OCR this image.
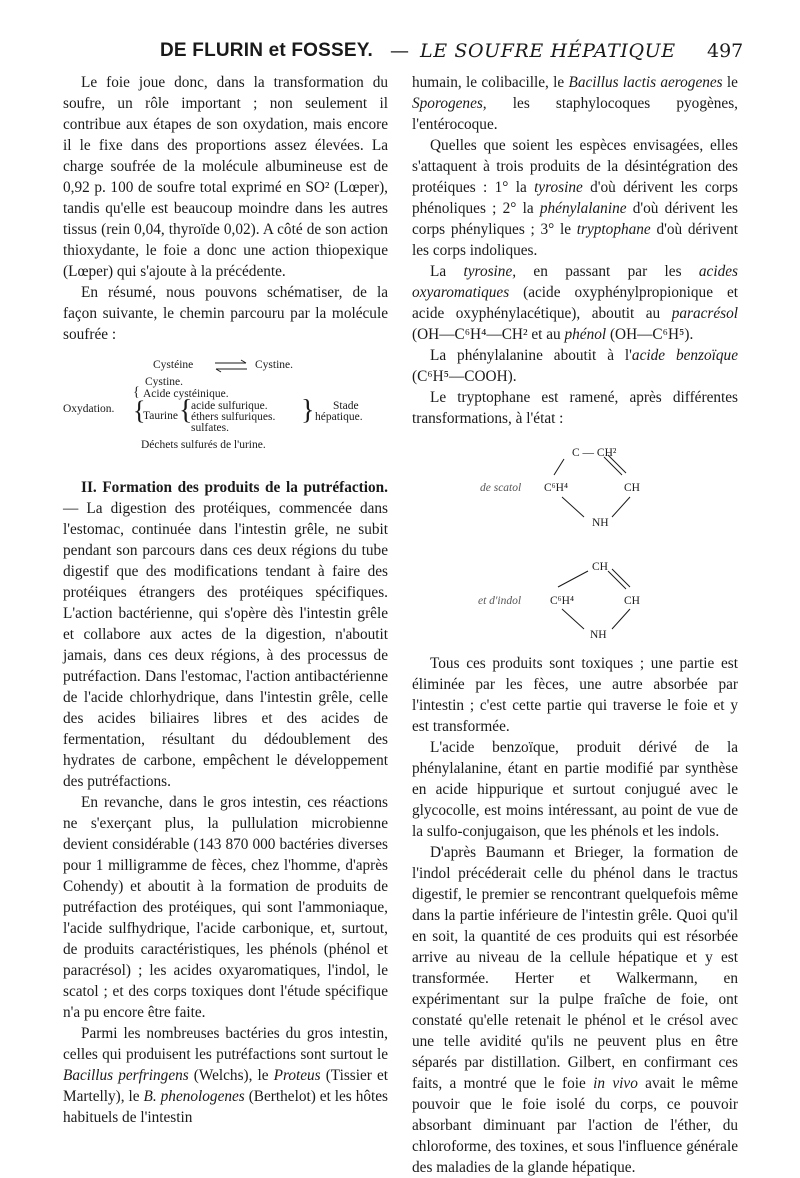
DE FLURIN et FOSSEY. — LE SOUFRE HÉPATIQUE 497

Le foie joue donc, dans la transformation du soufre, un rôle important ; non seulement il contribue aux étapes de son oxydation, mais encore il le fixe dans des proportions assez élevées. La charge soufrée de la molécule albumineuse est de 0,92 p. 100 de soufre total exprimé en SO² (Lœper), tandis qu'elle est beaucoup moindre dans les autres tissus (rein 0,04, thyroïde 0,02). A côté de son action thioxydante, le foie a donc une action thiopexique (Lœper) qui s'ajoute à la précédente.

En résumé, nous pouvons schématiser, de la façon suivante, le chemin parcouru par la molécule soufrée :

Cystéine ⇌ Cystine.
Cystine.
{ Acide cystéinique.
Oxydation. {
Taurine {
acide sulfurique.
éthers sulfuriques.
sulfates.
} Stade
hépatique.
Déchets sulfurés de l'urine.

II. Formation des produits de la putréfaction. — La digestion des protéiques, commencée dans l'estomac, continuée dans l'intestin grêle, ne subit pendant son parcours dans ces deux régions du tube digestif que des modifications tendant à faire des protéiques étrangers des protéiques spécifiques. L'action bactérienne, qui s'opère dès l'intestin grêle et collabore aux actes de la digestion, n'aboutit jamais, dans ces deux régions, à des processus de putréfaction. Dans l'estomac, l'action antibactérienne de l'acide chlorhydrique, dans l'intestin grêle, celle des acides biliaires libres et des acides de fermentation, résultant du dédoublement des hydrates de carbone, empêchent le développement des putréfactions.

En revanche, dans le gros intestin, ces réactions ne s'exerçant plus, la pullulation microbienne devient considérable (143 870 000 bactéries diverses pour 1 milligramme de fèces, chez l'homme, d'après Cohendy) et aboutit à la formation de produits de putréfaction des protéiques, qui sont l'ammoniaque, l'acide sulfhydrique, l'acide carbonique, et, surtout, de produits caractéristiques, les phénols (phénol et paracrésol) ; les acides oxyaromatiques, l'indol, le scatol ; et des corps toxiques dont l'étude spécifique n'a pu encore être faite.

Parmi les nombreuses bactéries du gros intestin, celles qui produisent les putréfactions sont surtout le Bacillus perfringens (Welchs), le Proteus (Tissier et Martelly), le B. phenologenes (Berthelot) et les hôtes habituels de l'intestin

humain, le colibacille, le Bacillus lactis aerogenes le Sporogenes, les staphylocoques pyogènes, l'entérocoque.

Quelles que soient les espèces envisagées, elles s'attaquent à trois produits de la désintégration des protéiques : 1° la tyrosine d'où dérivent les corps phénoliques ; 2° la phénylalanine d'où dérivent les corps phényliques ; 3° le tryptophane d'où dérivent les corps indoliques.

La tyrosine, en passant par les acides oxyaromatiques (acide oxyphénylpropionique et acide oxyphénylacétique), aboutit au paracrésol (OH—C⁶H⁴—CH² et au phénol (OH—C⁶H⁵).

La phénylalanine aboutit à l'acide benzoïque (C⁶H⁵—COOH).

Le tryptophane est ramené, après différentes transformations, à l'état :

C — CH²
de scatol C⁶H⁴	CH
NH
CH
et d'indol	C⁶H⁴	CH
NH

Tous ces produits sont toxiques ; une partie est éliminée par les fèces, une autre absorbée par l'intestin ; c'est cette partie qui traverse le foie et y est transformée.

L'acide benzoïque, produit dérivé de la phénylalanine, étant en partie modifié par synthèse en acide hippurique et surtout conjugué avec le glycocolle, est moins intéressant, au point de vue de la sulfo-conjugaison, que les phénols et les indols.

D'après Baumann et Brieger, la formation de l'indol précéderait celle du phénol dans le tractus digestif, le premier se rencontrant quelquefois même dans la partie inférieure de l'intestin grêle. Quoi qu'il en soit, la quantité de ces produits qui est résorbée arrive au niveau de la cellule hépatique et y est transformée. Herter et Walkermann, en expérimentant sur la pulpe fraîche de foie, ont constaté qu'elle retenait le phénol et le crésol avec une telle avidité qu'ils ne peuvent plus en être séparés par distillation. Gilbert, en confirmant ces faits, a montré que le foie in vivo avait le même pouvoir que le foie isolé du corps, ce pouvoir absorbant diminuant par l'action de l'éther, du chloroforme, des toxines, et sous l'influence générale des maladies de la glande hépatique.
